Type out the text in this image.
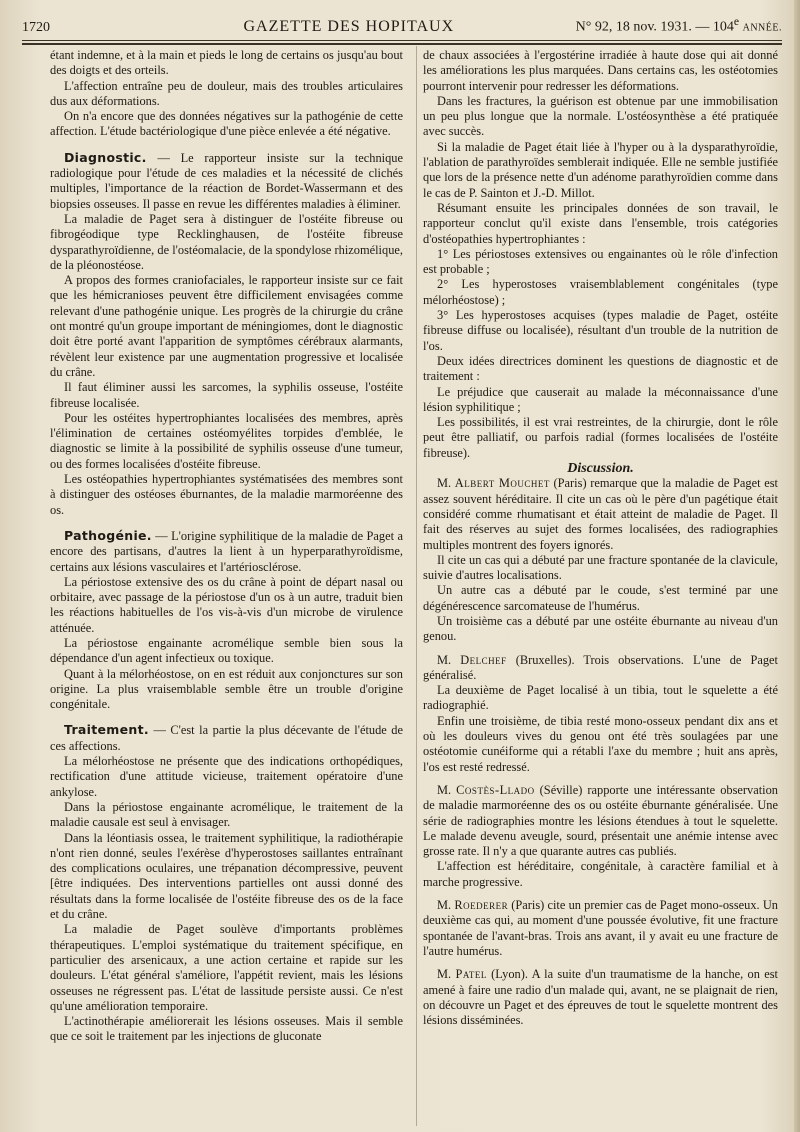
1720	GAZETTE DES HOPITAUX	N° 92, 18 nov. 1931. — 104e ANNÉE.

étant indemne, et à la main et pieds le long de certains os jusqu'au bout des doigts et des orteils.

L'affection entraîne peu de douleur, mais des troubles articulaires dus aux déformations.

On n'a encore que des données négatives sur la pathogénie de cette affection. L'étude bactériologique d'une pièce enlevée a été négative.

Diagnostic. — Le rapporteur insiste sur la technique radiologique pour l'étude de ces maladies et la nécessité de clichés multiples, l'importance de la réaction de Bordet-Wassermann et des biopsies osseuses. Il passe en revue les différentes maladies à éliminer.

La maladie de Paget sera à distinguer de l'ostéite fibreuse ou fibrogéodique type Recklinghausen, de l'ostéite fibreuse dysparathyroïdienne, de l'ostéomalacie, de la spondylose rhizomélique, de la pléonostéose.

A propos des formes craniofaciales, le rapporteur insiste sur ce fait que les hémicranioses peuvent être difficilement envisagées comme relevant d'une pathogénie unique. Les progrès de la chirurgie du crâne ont montré qu'un groupe important de méningiomes, dont le diagnostic doit être porté avant l'apparition de symptômes cérébraux alarmants, révèlent leur existence par une augmentation progressive et localisée du crâne.

Il faut éliminer aussi les sarcomes, la syphilis osseuse, l'ostéite fibreuse localisée.

Pour les ostéites hypertrophiantes localisées des membres, après l'élimination de certaines ostéomyélites torpides d'emblée, le diagnostic se limite à la possibilité de syphilis osseuse d'une tumeur, ou des formes localisées d'ostéite fibreuse.

Les ostéopathies hypertrophiantes systématisées des membres sont à distinguer des ostéoses éburnantes, de la maladie marmoréenne des os.

Pathogénie. — L'origine syphilitique de la maladie de Paget a encore des partisans, d'autres la lient à un hyperparathyroïdisme, certains aux lésions vasculaires et l'artériosclérose.

La périostose extensive des os du crâne à point de départ nasal ou orbitaire, avec passage de la périostose d'un os à un autre, traduit bien les réactions habituelles de l'os vis-à-vis d'un microbe de virulence atténuée.

La périostose engainante acromélique semble bien sous la dépendance d'un agent infectieux ou toxique.

Quant à la mélorhéostose, on en est réduit aux conjonctures sur son origine. La plus vraisemblable semble être un trouble d'origine congénitale.

Traitement. — C'est la partie la plus décevante de l'étude de ces affections.

La mélorhéostose ne présente que des indications orthopédiques, rectification d'une attitude vicieuse, traitement opératoire d'une ankylose.

Dans la périostose engainante acromélique, le traitement de la maladie causale est seul à envisager.

Dans la léontiasis ossea, le traitement syphilitique, la radiothérapie n'ont rien donné, seules l'exérèse d'hyperostoses saillantes entraînant des complications oculaires, une trépanation décompressive, peuvent [être indiquées. Des interventions partielles ont aussi donné des résultats dans la forme localisée de l'ostéite fibreuse des os de la face et du crâne.

La maladie de Paget soulève d'importants problèmes thérapeutiques. L'emploi systématique du traitement spécifique, en particulier des arsenicaux, a une action certaine et rapide sur les douleurs. L'état général s'améliore, l'appétit revient, mais les lésions osseuses ne régressent pas. L'état de lassitude persiste aussi. Ce n'est qu'une amélioration temporaire.

L'actinothérapie améliorerait les lésions osseuses. Mais il semble que ce soit le traitement par les injections de gluconate

de chaux associées à l'ergostérine irradiée à haute dose qui ait donné les améliorations les plus marquées. Dans certains cas, les ostéotomies pourront intervenir pour redresser les déformations.

Dans les fractures, la guérison est obtenue par une immobilisation un peu plus longue que la normale. L'ostéosynthèse a été pratiquée avec succès.

Si la maladie de Paget était liée à l'hyper ou à la dysparathyroïdie, l'ablation de parathyroïdes semblerait indiquée. Elle ne semble justifiée que lors de la présence nette d'un adénome parathyroïdien comme dans le cas de P. Sainton et J.-D. Millot.

Résumant ensuite les principales données de son travail, le rapporteur conclut qu'il existe dans l'ensemble, trois catégories d'ostéopathies hypertrophiantes :

1° Les périostoses extensives ou engainantes où le rôle d'infection est probable ;

2° Les hyperostoses vraisemblablement congénitales (type mélorhéostose) ;

3° Les hyperostoses acquises (types maladie de Paget, ostéite fibreuse diffuse ou localisée), résultant d'un trouble de la nutrition de l'os.

Deux idées directrices dominent les questions de diagnostic et de traitement :

Le préjudice que causerait au malade la méconnaissance d'une lésion syphilitique ;

Les possibilités, il est vrai restreintes, de la chirurgie, dont le rôle peut être palliatif, ou parfois radial (formes localisées de l'ostéite fibreuse).

Discussion.

M. Albert Mouchet (Paris) remarque que la maladie de Paget est assez souvent héréditaire. Il cite un cas où le père d'un pagétique était considéré comme rhumatisant et était atteint de maladie de Paget. Il fait des réserves au sujet des formes localisées, des radiographies multiples montrent des foyers ignorés.

Il cite un cas qui a débuté par une fracture spontanée de la clavicule, suivie d'autres localisations.

Un autre cas a débuté par le coude, s'est terminé par une dégénérescence sarcomateuse de l'humérus.

Un troisième cas a débuté par une ostéite éburnante au niveau d'un genou.

M. Delchef (Bruxelles). Trois observations. L'une de Paget généralisé.

La deuxième de Paget localisé à un tibia, tout le squelette a été radiographié.

Enfin une troisième, de tibia resté mono-osseux pendant dix ans et où les douleurs vives du genou ont été très soulagées par une ostéotomie cunéiforme qui a rétabli l'axe du membre ; huit ans après, l'os est resté redressé.

M. Costès-Llado (Séville) rapporte une intéressante observation de maladie marmoréenne des os ou ostéite éburnante généralisée. Une série de radiographies montre les lésions étendues à tout le squelette. Le malade devenu aveugle, sourd, présentait une anémie intense avec grosse rate. Il n'y a que quarante autres cas publiés.

L'affection est héréditaire, congénitale, à caractère familial et à marche progressive.

M. Roederer (Paris) cite un premier cas de Paget mono-osseux. Un deuxième cas qui, au moment d'une poussée évolutive, fit une fracture spontanée de l'avant-bras. Trois ans avant, il y avait eu une fracture de l'autre humérus.

M. Patel (Lyon). A la suite d'un traumatisme de la hanche, on est amené à faire une radio d'un malade qui, avant, ne se plaignait de rien, on découvre un Paget et des épreuves de tout le squelette montrent des lésions disséminées.
